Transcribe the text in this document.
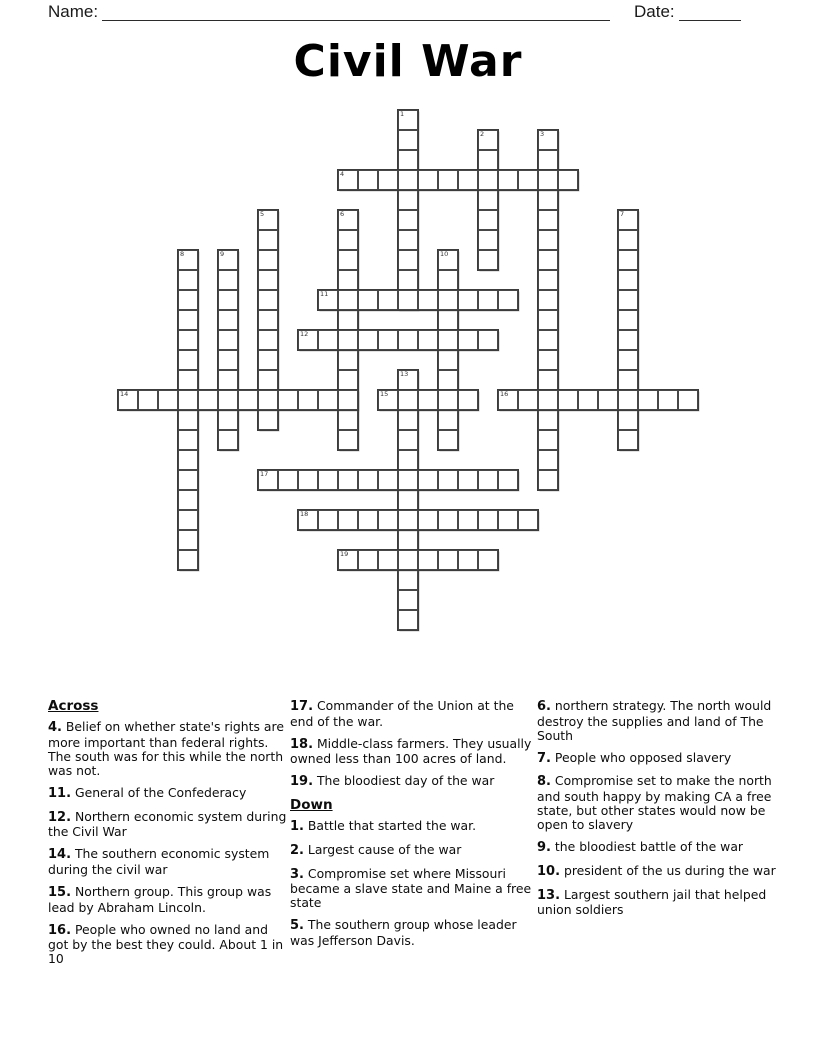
Name:	Date:
Civil War
1
2	3
4
5	6	7
8	9	10
11
12
13
14	15	16
17
18
19
Across
4. Belief on whether state's rights are more important than federal rights. The south was for this while the north was not.
11. General of the Confederacy
12. Northern economic system during the Civil War
14. The southern economic system during the civil war
15. Northern group. This group was lead by Abraham Lincoln.
16. People who owned no land and got by the best they could. About 1 in 10
17. Commander of the Union at the end of the war.
18. Middle-class farmers. They usually owned less than 100 acres of land.
19. The bloodiest day of the war
Down
1. Battle that started the war.
2. Largest cause of the war
3. Compromise set where Missouri became a slave state and Maine a free state
5. The southern group whose leader was Jefferson Davis.
6. northern strategy. The north would destroy the supplies and land of The South
7. People who opposed slavery
8. Compromise set to make the north and south happy by making CA a free state, but other states would now be open to slavery
9. the bloodiest battle of the war
10. president of the us during the war
13. Largest southern jail that helped union soldiers
